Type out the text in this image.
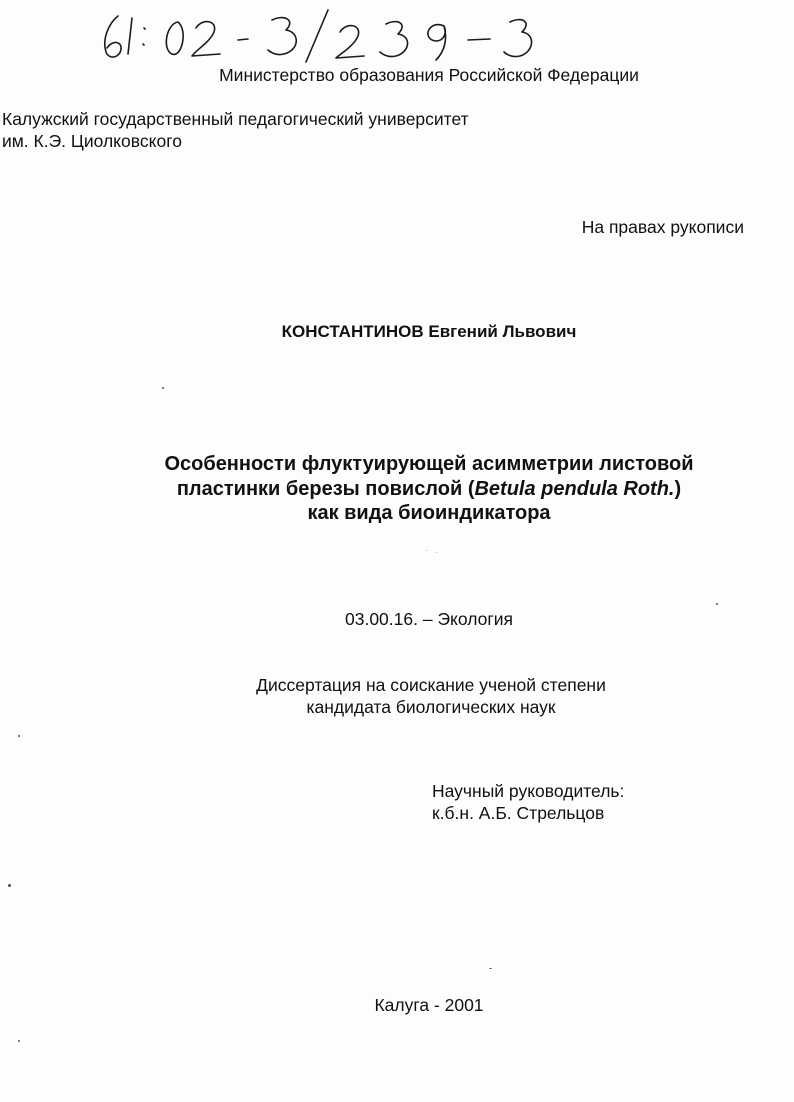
Министерство образования Российской Федерации
Калужский государственный педагогический университет
им. К.Э. Циолковского
На правах рукописи
КОНСТАНТИНОВ Евгений Львович
Особенности флуктуирующей асимметрии листовой
пластинки березы повислой (Betula pendula Roth.)
как вида биоиндикатора
03.00.16. – Экология
Диссертация на соискание ученой степени
кандидата биологических наук
Научный руководитель:
к.б.н. А.Б. Стрельцов
Калуга - 2001
